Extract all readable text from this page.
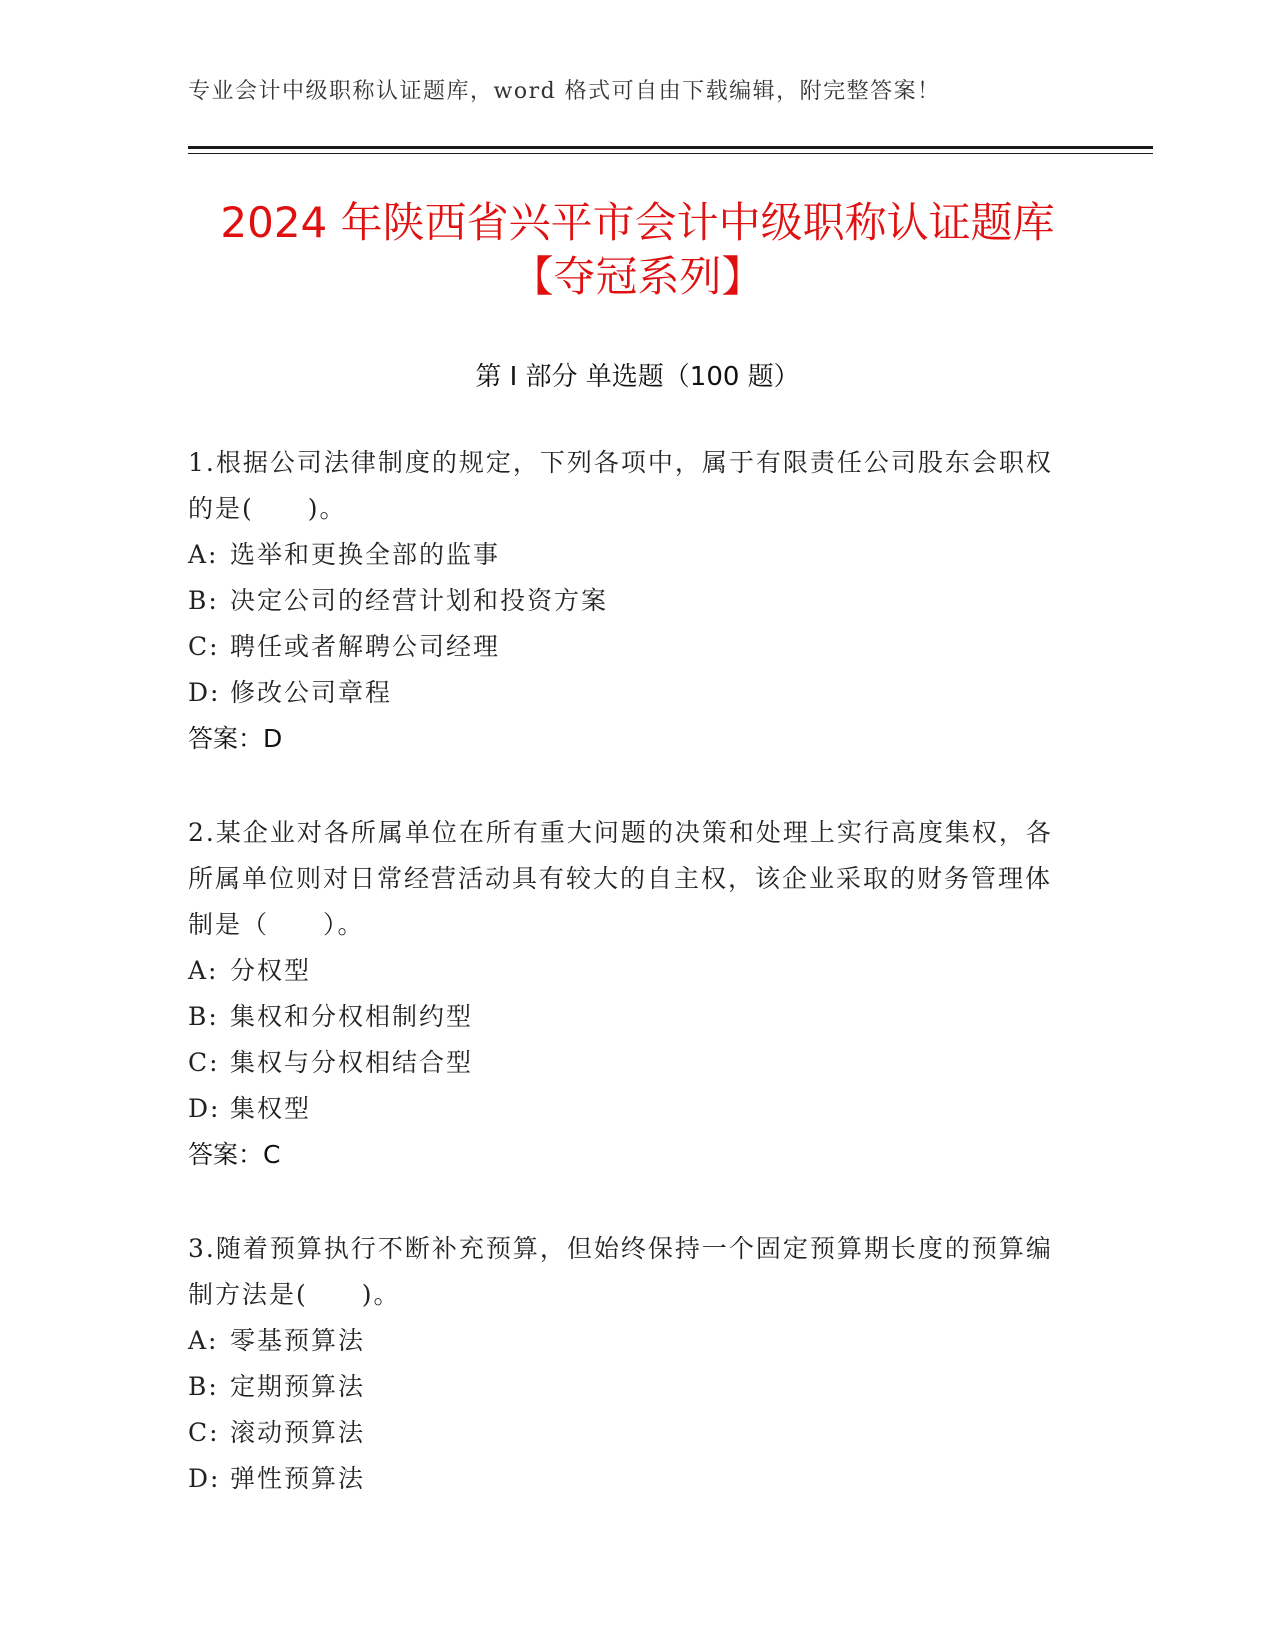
专业会计中级职称认证题库，word 格式可自由下载编辑，附完整答案！
2024 年陕西省兴平市会计中级职称认证题库
【夺冠系列】
第 I 部分 单选题（100 题）
1.根据公司法律制度的规定，下列各项中，属于有限责任公司股东会职权的是(　　)。
A: 选举和更换全部的监事
B: 决定公司的经营计划和投资方案
C: 聘任或者解聘公司经理
D: 修改公司章程
答案：D
2.某企业对各所属单位在所有重大问题的决策和处理上实行高度集权，各所属单位则对日常经营活动具有较大的自主权，该企业采取的财务管理体制是（　　）。
A: 分权型
B: 集权和分权相制约型
C: 集权与分权相结合型
D: 集权型
答案：C
3.随着预算执行不断补充预算，但始终保持一个固定预算期长度的预算编制方法是(　　)。
A: 零基预算法
B: 定期预算法
C: 滚动预算法
D: 弹性预算法
